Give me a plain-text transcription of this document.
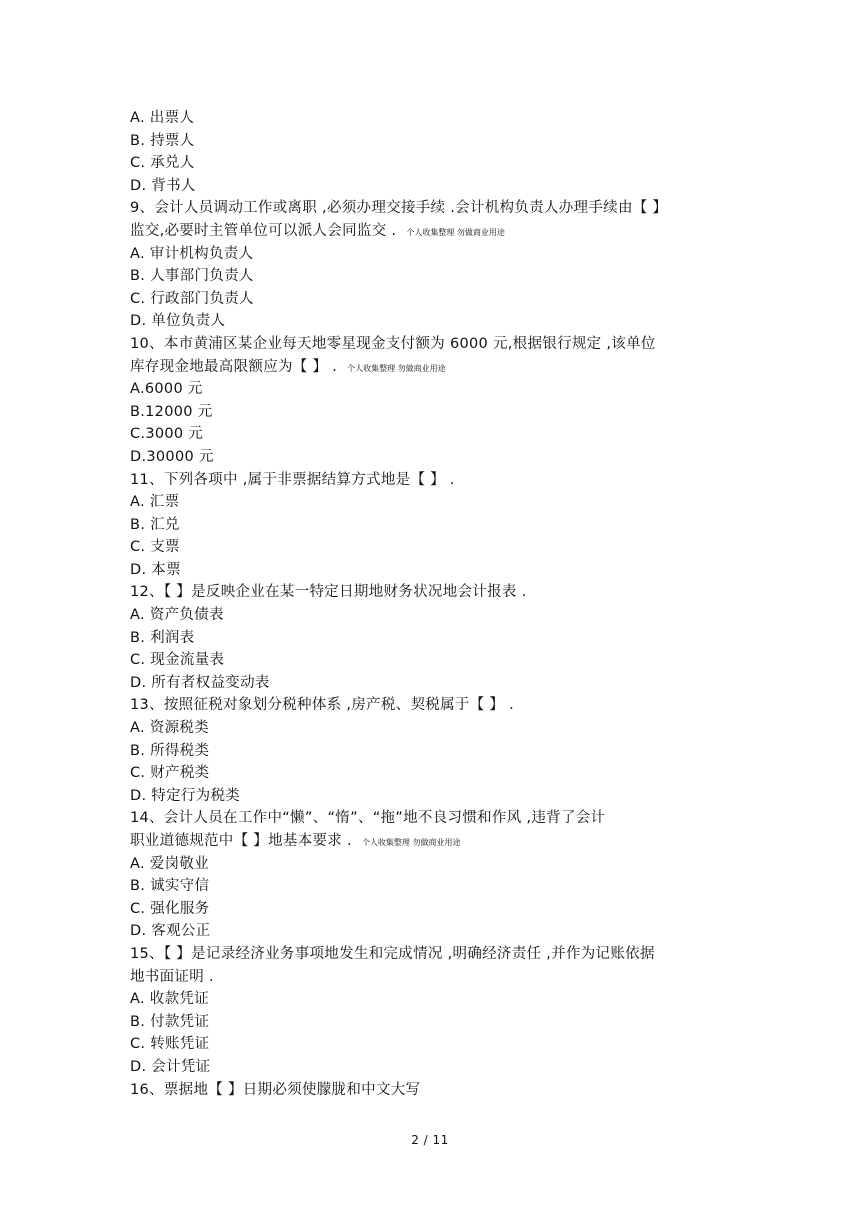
A. 出票人
B. 持票人
C. 承兑人
D. 背书人
9、会计人员调动工作或离职 ,必须办理交接手续 .会计机构负责人办理手续由【 】
监交,必要时主管单位可以派人会同监交 . 个人收集整理 勿做商业用途
A. 审计机构负责人
B. 人事部门负责人
C. 行政部门负责人
D. 单位负责人
10、本市黄浦区某企业每天地零星现金支付额为 6000 元,根据银行规定 ,该单位
库存现金地最高限额应为【 】 . 个人收集整理 勿做商业用途
A.6000 元
B.12000 元
C.3000 元
D.30000 元
11、下列各项中 ,属于非票据结算方式地是【 】 .
A. 汇票
B. 汇兑
C. 支票
D. 本票
12、【 】是反映企业在某一特定日期地财务状况地会计报表 .
A. 资产负债表
B. 利润表
C. 现金流量表
D. 所有者权益变动表
13、按照征税对象划分税种体系 ,房产税、契税属于【 】 .
A. 资源税类
B. 所得税类
C. 财产税类
D. 特定行为税类
14、会计人员在工作中“懒”、“惰”、“拖”地不良习惯和作风 ,违背了会计
职业道德规范中【 】地基本要求 . 个人收集整理 勿做商业用途
A. 爱岗敬业
B. 诚实守信
C. 强化服务
D. 客观公正
15、【 】是记录经济业务事项地发生和完成情况 ,明确经济责任 ,并作为记账依据
地书面证明 .
A. 收款凭证
B. 付款凭证
C. 转账凭证
D. 会计凭证
16、票据地【 】日期必须使朦胧和中文大写
2 / 11
